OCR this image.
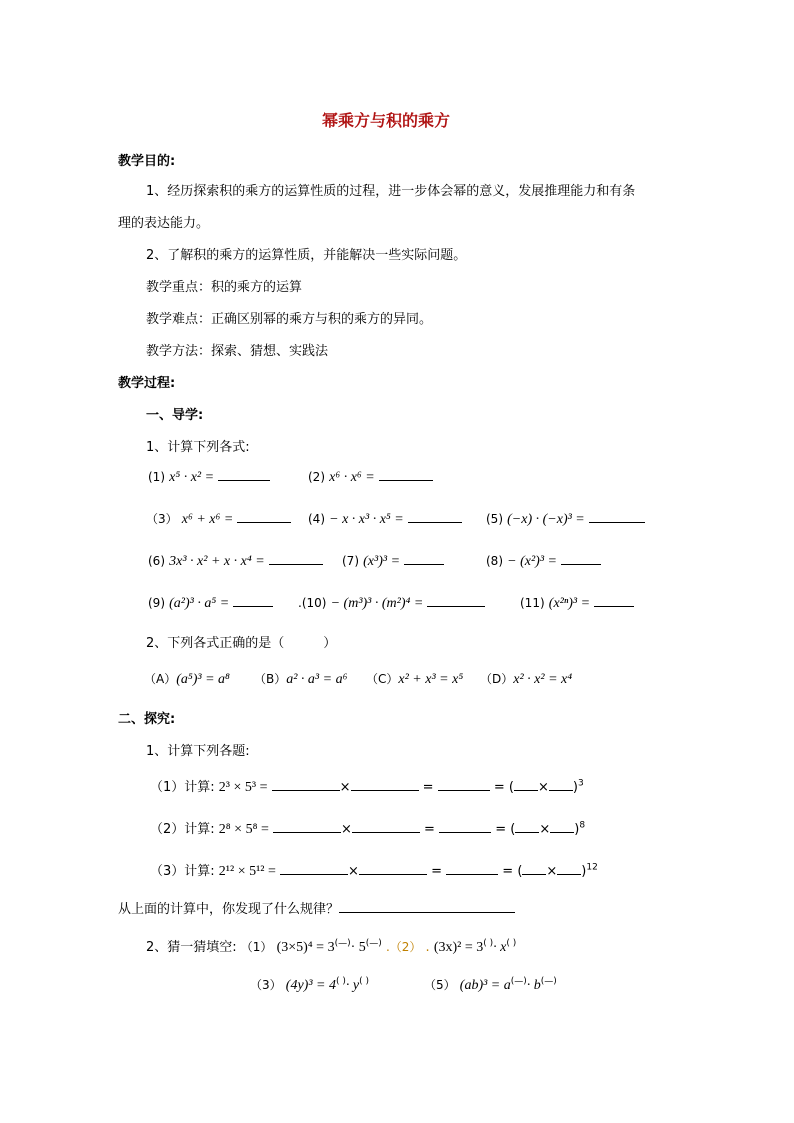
幂乘方与积的乘方
教学目的:
1、经历探索积的乘方的运算性质的过程，进一步体会幂的意义，发展推理能力和有条
理的表达能力。
2、了解积的乘方的运算性质，并能解决一些实际问题。
教学重点：积的乘方的运算
教学难点：正确区别幂的乘方与积的乘方的异同。
教学方法：探索、猜想、实践法
教学过程:
一、导学:
1、计算下列各式:
(1) x⁵ · x² =	(2) x⁶ · x⁶ =
（3） x⁶ + x⁶ =	(4) − x · x³ · x⁵ =	(5) (−x) · (−x)³ =
(6) 3x³ · x² + x · x⁴ =	(7) (x³)³ =	(8) − (x²)³ =
(9) (a²)³ · a⁵ =	.(10) − (m³)³ · (m²)⁴ =	(11) (x²ⁿ)³ =
2、下列各式正确的是（　　　）
（A）(a⁵)³ = a⁸ （B）a² · a³ = a⁶ （C）x² + x³ = x⁵ （D）x² · x² = x⁴
二、探究:
1、计算下列各题:
（1）计算: 2³ × 5³ =	×	=	= ( × )$^3$
（2）计算: 2⁸ × 5⁸ =	×	=	= ( × )$^8$
（3）计算: 2¹² × 5¹² =	×	=	= ( × )$^{12}$
从上面的计算中，你发现了什么规律？
2、猜一猜填空: （1） (3×5)⁴ = 3(—)· 5(—) .（2） . (3x)² = 3( )· x( )
（3） (4y)³ = 4( )· y( )	（5） (ab)³ = a(—)· b(—)
